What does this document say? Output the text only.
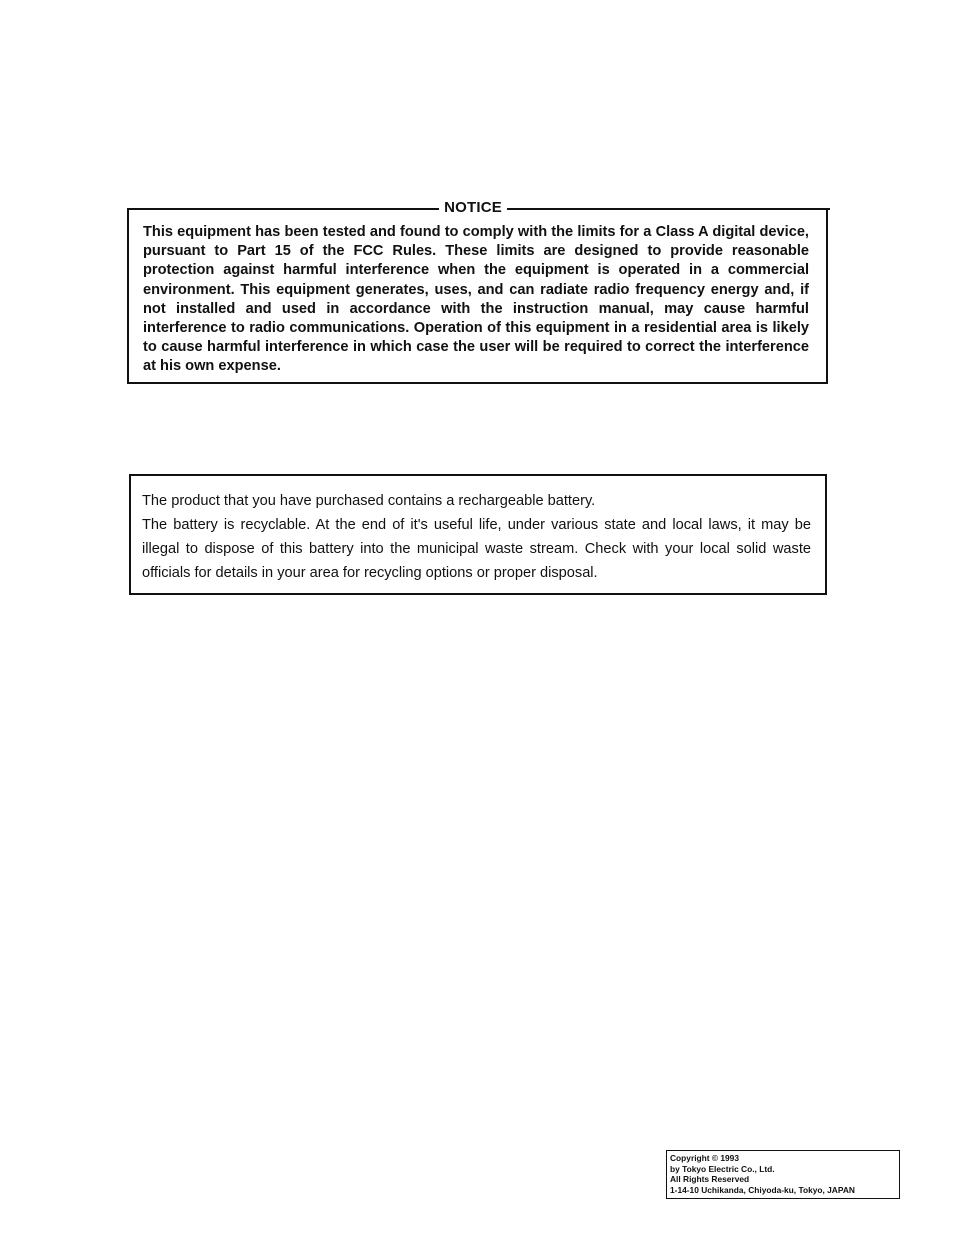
NOTICE

This equipment has been tested and found to comply with the limits for a Class A digital device, pursuant to Part 15 of the FCC Rules. These limits are designed to provide reasonable protection against harmful interference when the equipment is operated in a commercial environment. This equipment generates, uses, and can radiate radio frequency energy and, if not installed and used in accordance with the instruction manual, may cause harmful interference to radio communications. Operation of this equipment in a residential area is likely to cause harmful interference in which case the user will be required to correct the interference at his own expense.

The product that you have purchased contains a rechargeable battery.
The battery is recyclable. At the end of it's useful life, under various state and local laws, it may be illegal to dispose of this battery into the municipal waste stream. Check with your local solid waste officials for details in your area for recycling options or proper disposal.

Copyright © 1993
by Tokyo Electric Co., Ltd.
All Rights Reserved
1-14-10 Uchikanda, Chiyoda-ku, Tokyo, JAPAN
